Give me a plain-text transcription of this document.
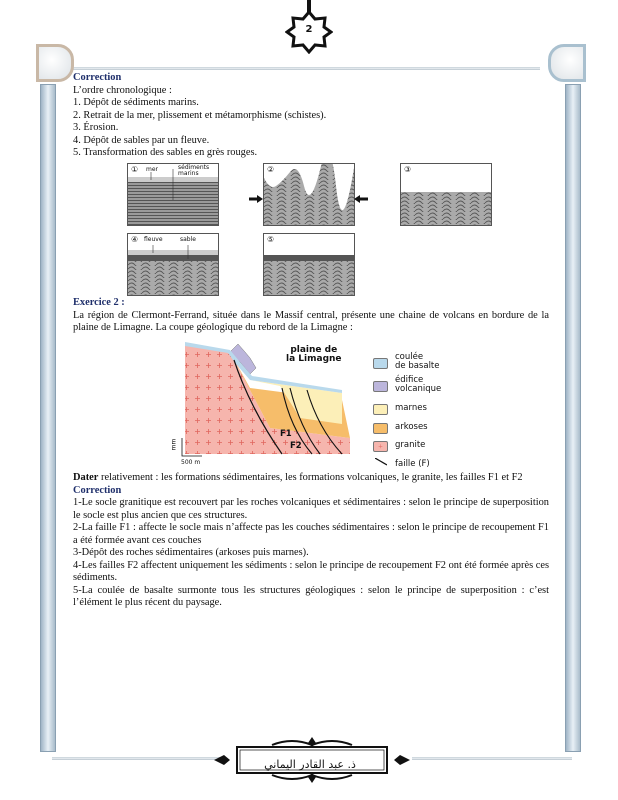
2

Correction

L’ordre chronologique :

1. Dépôt de sédiments marins.

2. Retrait de la mer, plissement et métamorphisme (schistes).

3. Érosion.

4. Dépôt de sables par un fleuve.

5. Transformation des sables en grès rouges.

① mer	sédiments marins	②	③
④ fleuve	sable	⑤

Exercice 2 :

La région de Clermont-Ferrand, située dans le Massif central, présente une chaine de volcans en bordure de la plaine de Limagne. La coupe géologique du rebord de la Limagne :

plaine de
la Limagne
F1
F2
500 m
mm
coulée
de basalte
édifice
volcanique
marnes
arkoses
+	granite
faille (F)

Dater relativement : les formations sédimentaires, les formations volcaniques, le granite, les failles F1 et F2

Correction

1-Le socle granitique est recouvert par les roches volcaniques et sédimentaires : selon le principe de superposition le socle est plus ancien que ces structures.

2-La faille F1 : affecte le socle mais n’affecte pas les couches sédimentaires : selon le principe de recoupement F1 a été formée avant ces couches

3-Dépôt des roches sédimentaires (arkoses puis marnes).

4-Les failles F2 affectent uniquement les sédiments : selon le principe de recoupement F2 ont été formée après ces sédiments.

5-La coulée de basalte surmonte tous les structures géologiques : selon le principe de superposition : c’est l’élément le plus récent du paysage.

ذ. عبد القادر اليماني
